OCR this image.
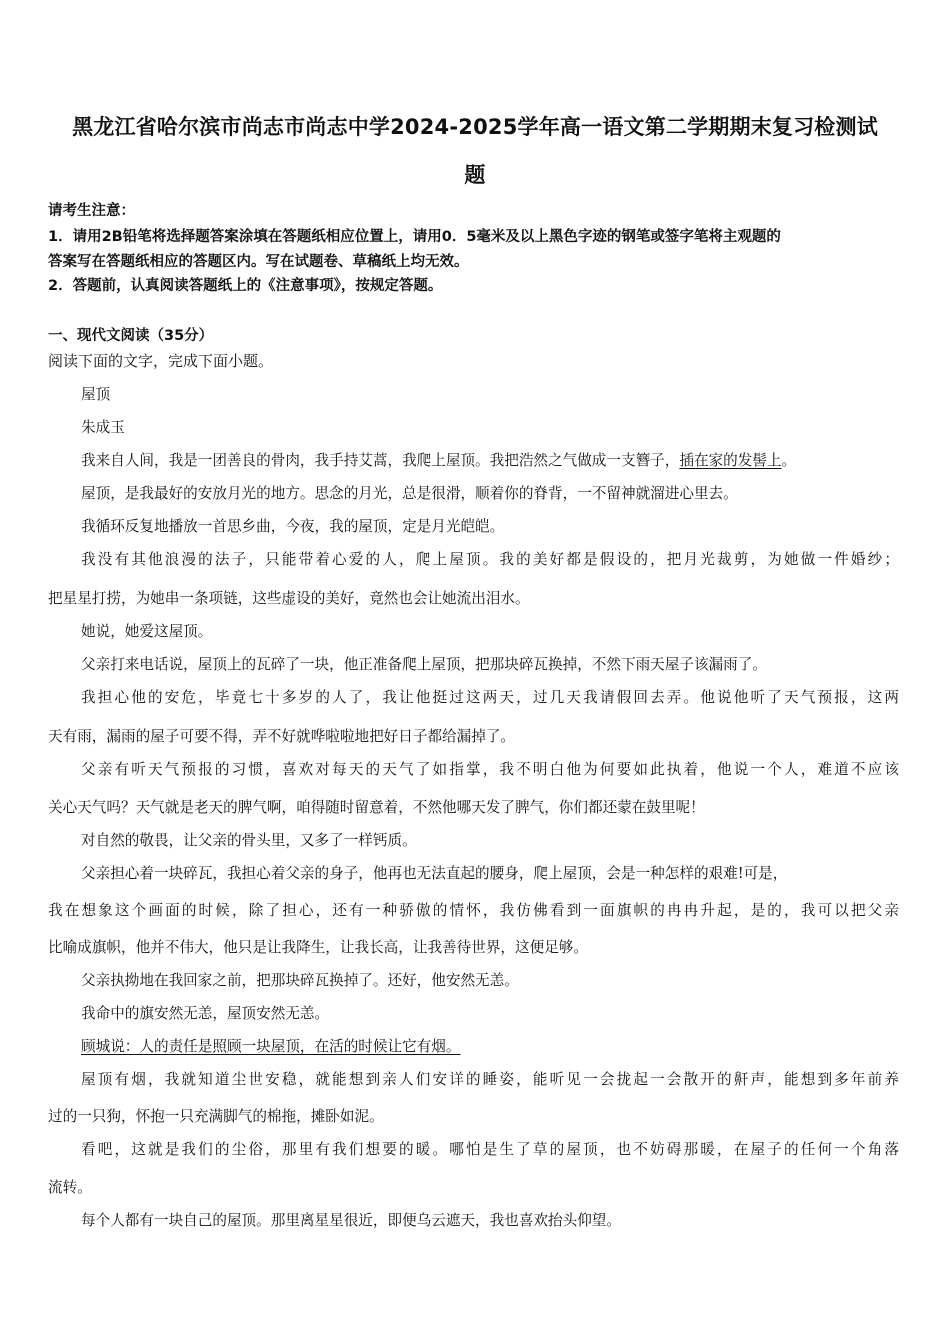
黑龙江省哈尔滨市尚志市尚志中学2024-2025学年高一语文第二学期期末复习检测试
题
请考生注意：
1．请用2B铅笔将选择题答案涂填在答题纸相应位置上，请用0．5毫米及以上黑色字迹的钢笔或签字笔将主观题的
答案写在答题纸相应的答题区内。写在试题卷、草稿纸上均无效。
2．答题前，认真阅读答题纸上的《注意事项》，按规定答题。
一、现代文阅读（35分）
阅读下面的文字，完成下面小题。
屋顶
朱成玉
我来自人间，我是一团善良的骨肉，我手持艾蒿，我爬上屋顶。我把浩然之气做成一支簪子，插在家的发髻上。
屋顶，是我最好的安放月光的地方。思念的月光，总是很滑，顺着你的脊背，一不留神就溜进心里去。
我循环反复地播放一首思乡曲，今夜，我的屋顶，定是月光皑皑。
我没有其他浪漫的法子，只能带着心爱的人，爬上屋顶。我的美好都是假设的，把月光裁剪，为她做一件婚纱；
把星星打捞，为她串一条项链，这些虚设的美好，竟然也会让她流出泪水。
她说，她爱这屋顶。
父亲打来电话说，屋顶上的瓦碎了一块，他正准备爬上屋顶，把那块碎瓦换掉，不然下雨天屋子该漏雨了。
我担心他的安危，毕竟七十多岁的人了，我让他挺过这两天，过几天我请假回去弄。他说他听了天气预报，这两
天有雨，漏雨的屋子可要不得，弄不好就哗啦啦地把好日子都给漏掉了。
父亲有听天气预报的习惯，喜欢对每天的天气了如指掌，我不明白他为何要如此执着，他说一个人，难道不应该
关心天气吗？天气就是老天的脾气啊，咱得随时留意着，不然他哪天发了脾气，你们都还蒙在鼓里呢！
对自然的敬畏，让父亲的骨头里，又多了一样钙质。
父亲担心着一块碎瓦，我担心着父亲的身子，他再也无法直起的腰身，爬上屋顶，会是一种怎样的艰难!可是，
我在想象这个画面的时候，除了担心，还有一种骄傲的情怀，我仿佛看到一面旗帜的冉冉升起，是的，我可以把父亲
比喻成旗帜，他并不伟大，他只是让我降生，让我长高，让我善待世界，这便足够。
父亲执拗地在我回家之前，把那块碎瓦换掉了。还好，他安然无恙。
我命中的旗安然无恙，屋顶安然无恙。
顾城说：人的责任是照顾一块屋顶，在活的时候让它有烟。
屋顶有烟，我就知道尘世安稳，就能想到亲人们安详的睡姿，能听见一会拢起一会散开的鼾声，能想到多年前养
过的一只狗，怀抱一只充满脚气的棉拖，摊卧如泥。
看吧，这就是我们的尘俗，那里有我们想要的暖。哪怕是生了草的屋顶，也不妨碍那暖，在屋子的任何一个角落
流转。
每个人都有一块自己的屋顶。那里离星星很近，即便乌云遮天，我也喜欢抬头仰望。
